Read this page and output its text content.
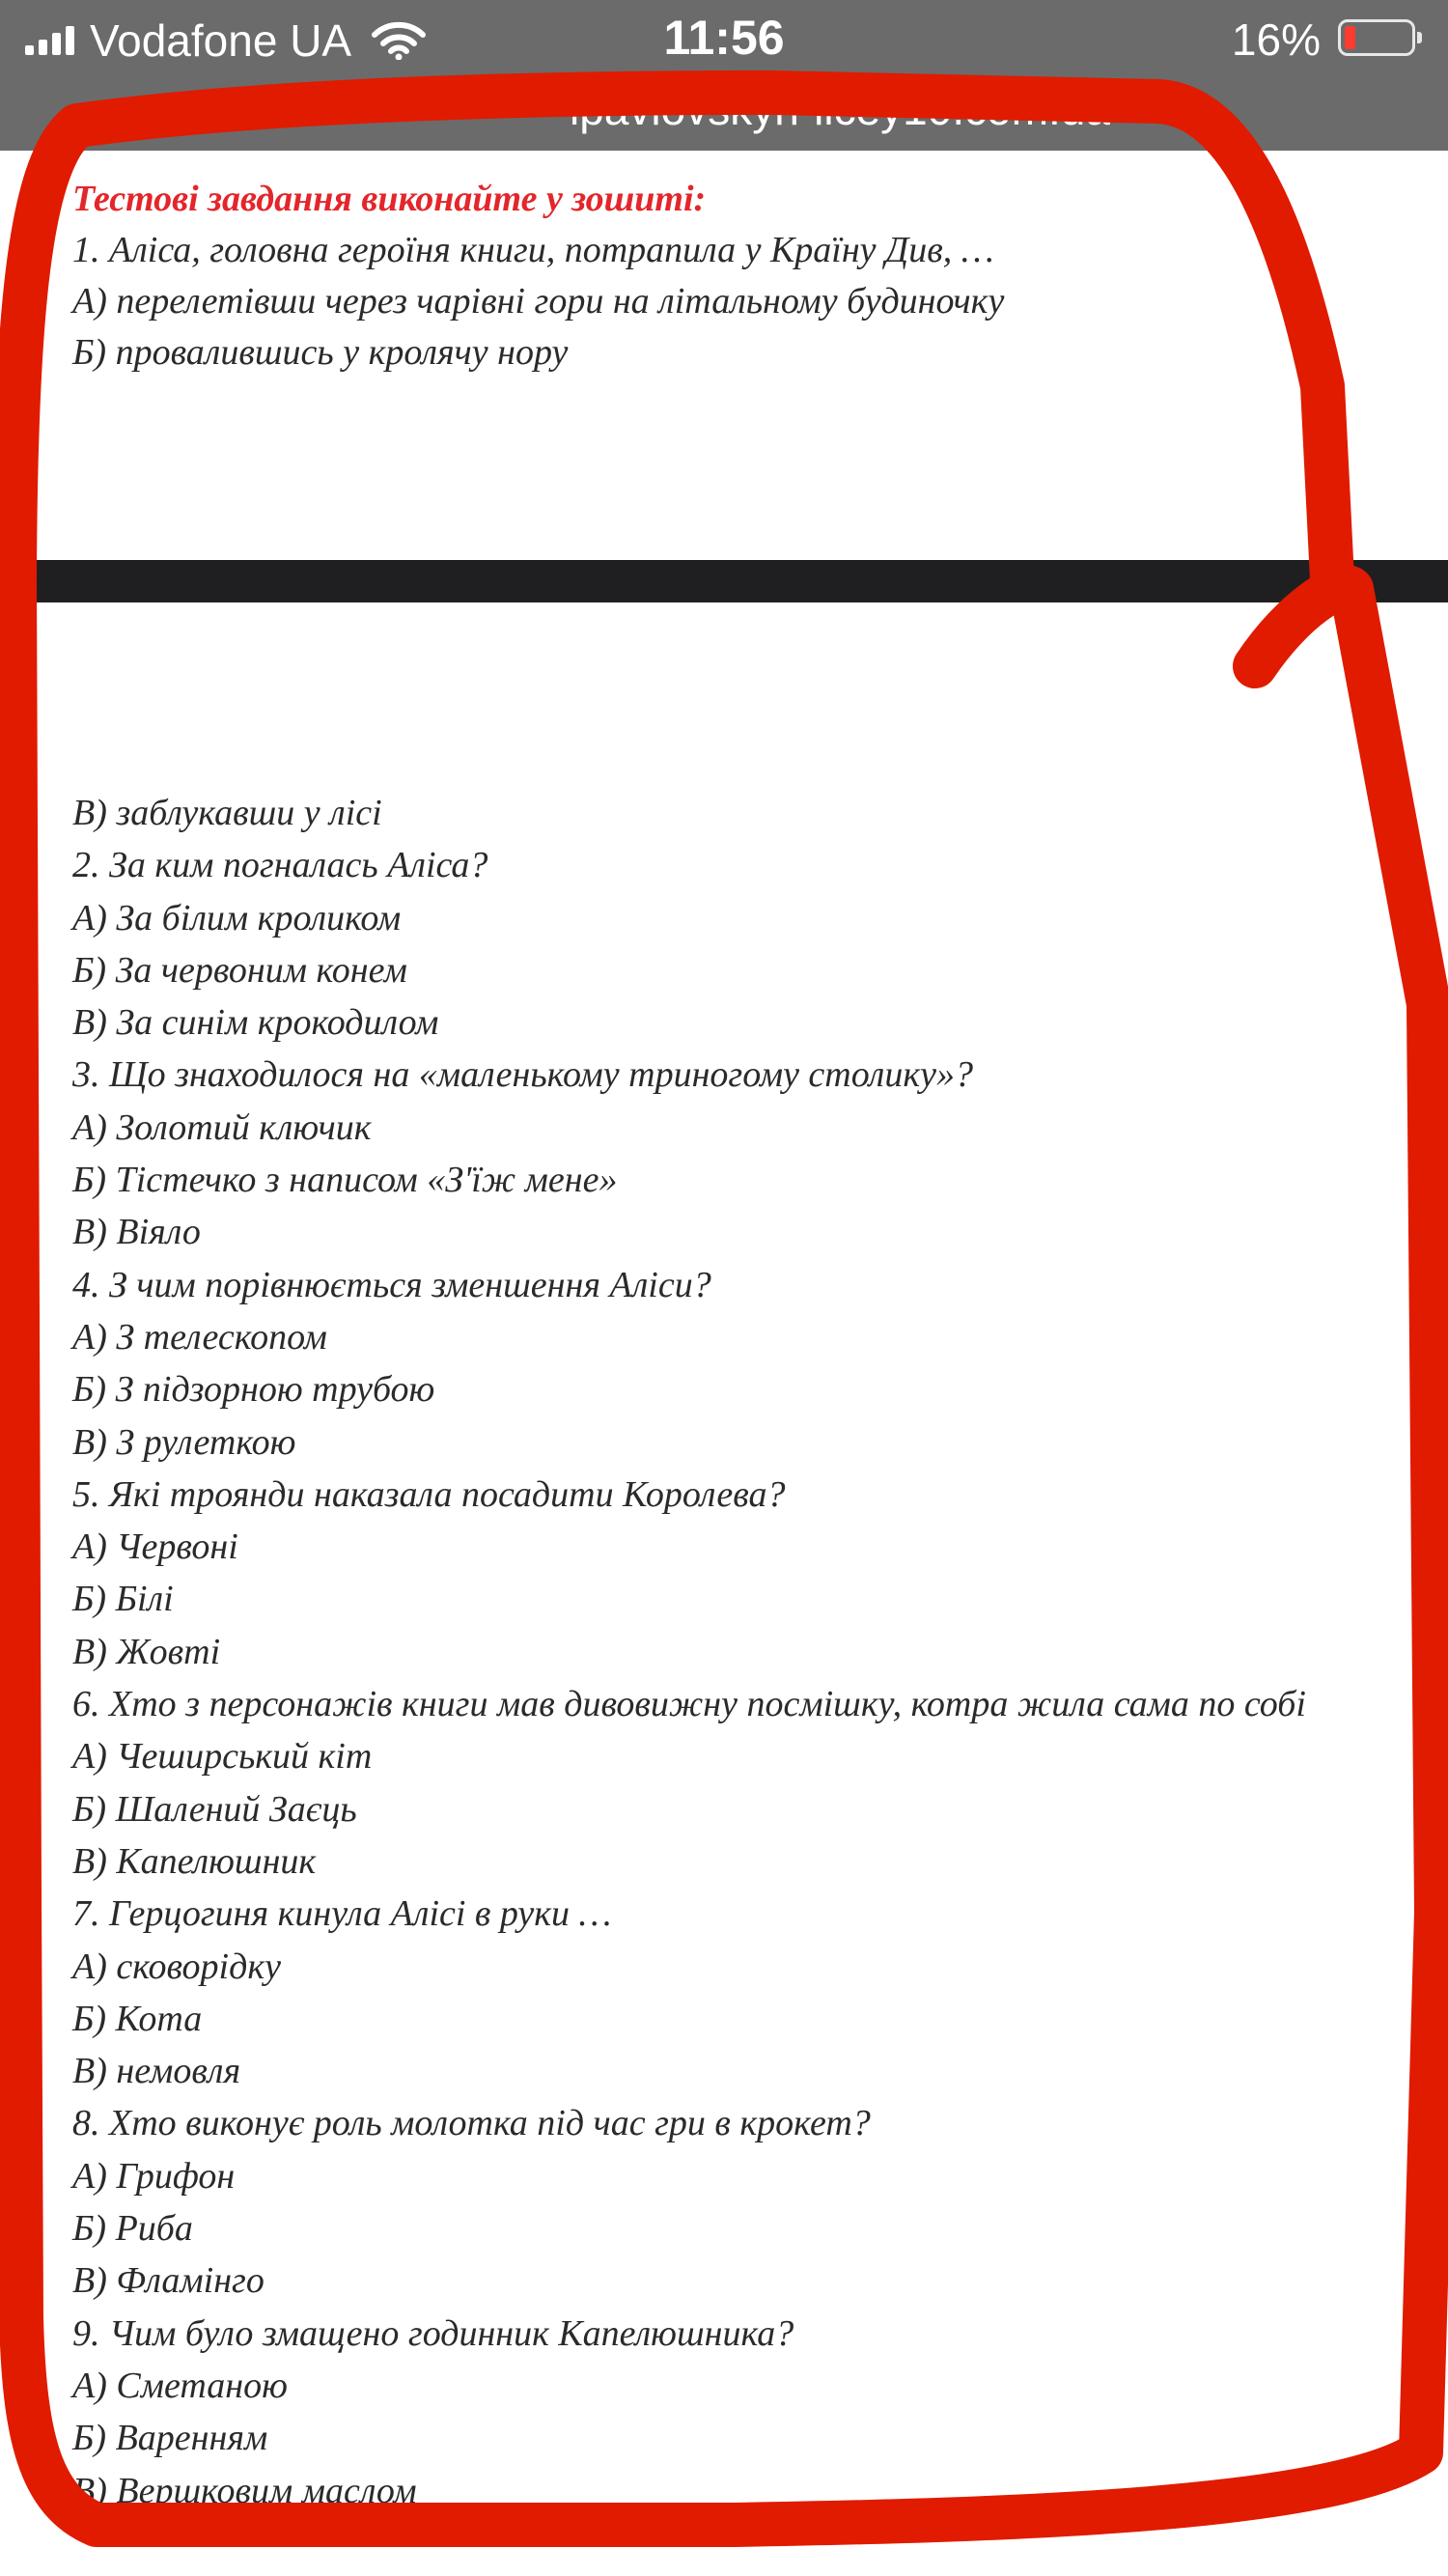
Vodafone UA	11:56	16%
ipavlovskyh-licey10.com.ua
Тестові завдання виконайте у зошиті:
1. Аліса, головна героїня книги, потрапила у Країну Див, …
А) перелетівши через чарівні гори на літальному будиночку
Б) провалившись у кролячу нору
В) заблукавши у лісі
2. За ким погналась Аліса?
А) За білим кроликом
Б) За червоним конем
В) За синім крокодилом
3. Що знаходилося на «маленькому триногому столику»?
А) Золотий ключик
Б) Тістечко з написом «З'їж мене»
В) Віяло
4. З чим порівнюється зменшення Аліси?
А) З телескопом
Б) З підзорною трубою
В) З рулеткою
5. Які троянди наказала посадити Королева?
А) Червоні
Б) Білі
В) Жовті
6. Хто з персонажів книги мав дивовижну посмішку, котра жила сама по собі
А) Чеширський кіт
Б) Шалений Заєць
В) Капелюшник
7. Герцогиня кинула Алісі в руки …
А) сковорідку
Б) Кота
В) немовля
8. Хто виконує роль молотка під час гри в крокет?
А) Грифон
Б) Риба
В) Фламінго
9. Чим було змащено годинник Капелюшника?
А) Сметаною
Б) Варенням
В) Вершковим маслом
